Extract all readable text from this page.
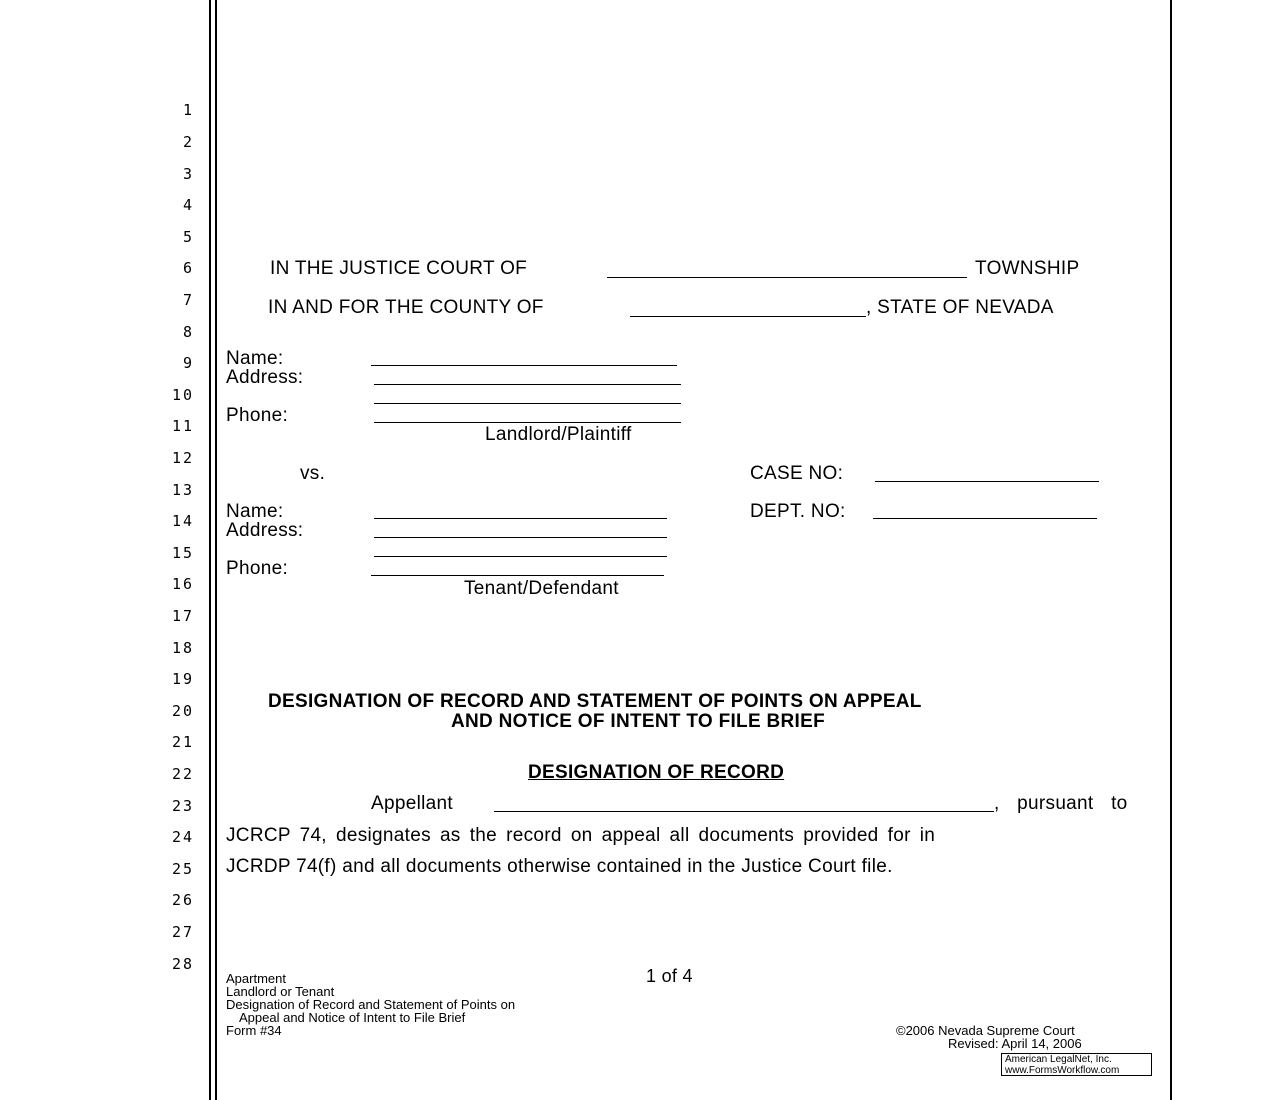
1
2
3
4
5
6
7
8
9
10
11
12
13
14
15
16
17
18
19
20
21
22
23
24
25
26
27
28
IN THE JUSTICE COURT OF	TOWNSHIP
IN AND FOR THE COUNTY OF	, STATE OF NEVADA
Name:
Address:
Phone:
Landlord/Plaintiff
vs.	CASE NO:
DEPT. NO:
Name:
Address:
Phone:
Tenant/Defendant
DESIGNATION OF RECORD AND STATEMENT OF POINTS ON APPEAL
AND NOTICE OF INTENT TO FILE BRIEF
DESIGNATION OF RECORD
Appellant	, pursuant to
JCRCP 74, designates as the record on appeal all documents provided for in
JCRDP 74(f) and all documents otherwise contained in the Justice Court file.
Apartment
Landlord or Tenant
Designation of Record and Statement of Points on
Appeal and Notice of Intent to File Brief
Form #34
1 of 4
©2006 Nevada Supreme Court
Revised: April 14, 2006
American LegalNet, Inc.
www.FormsWorkflow.com
